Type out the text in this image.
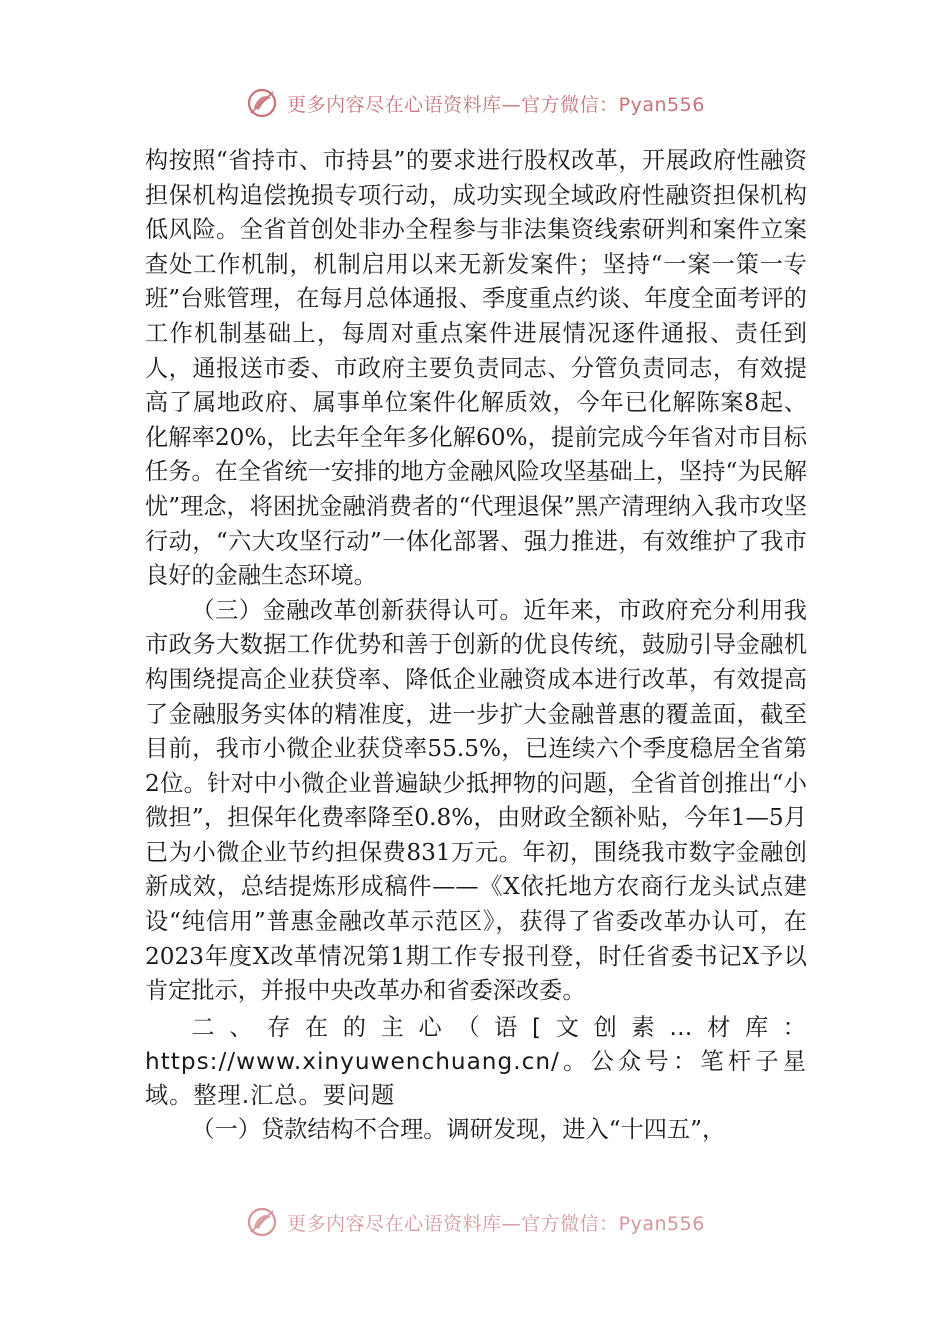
更多内容尽在心语资料库—官方微信：Pyan556

构按照“省持市、市持县”的要求进行股权改革，开展政府性融资担保机构追偿挽损专项行动，成功实现全域政府性融资担保机构低风险。全省首创处非办全程参与非法集资线索研判和案件立案查处工作机制，机制启用以来无新发案件；坚持“一案一策一专班”台账管理，在每月总体通报、季度重点约谈、年度全面考评的工作机制基础上，每周对重点案件进展情况逐件通报、责任到人，通报送市委、市政府主要负责同志、分管负责同志，有效提高了属地政府、属事单位案件化解质效，今年已化解陈案8起、化解率20%，比去年全年多化解60%，提前完成今年省对市目标任务。在全省统一安排的地方金融风险攻坚基础上，坚持“为民解忧”理念，将困扰金融消费者的“代理退保”黑产清理纳入我市攻坚行动，“六大攻坚行动”一体化部署、强力推进，有效维护了我市良好的金融生态环境。

（三）金融改革创新获得认可。近年来，市政府充分利用我市政务大数据工作优势和善于创新的优良传统，鼓励引导金融机构围绕提高企业获贷率、降低企业融资成本进行改革，有效提高了金融服务实体的精准度，进一步扩大金融普惠的覆盖面，截至目前，我市小微企业获贷率55.5%，已连续六个季度稳居全省第2位。针对中小微企业普遍缺少抵押物的问题，全省首创推出“小微担”，担保年化费率降至0.8%，由财政全额补贴，今年1—5月已为小微企业节约担保费831万元。年初，围绕我市数字金融创新成效，总结提炼形成稿件——《X依托地方农商行龙头试点建设“纯信用”普惠金融改革示范区》，获得了省委改革办认可，在2023年度X改革情况第1期工作专报刊登，时任省委书记X予以肯定批示，并报中央改革办和省委深改委。

二、存在的主心（语[文创素…材库：https://www.xinyuwenchuang.cn/。公众号：笔杆子星域。整理.汇总。要问题

（一）贷款结构不合理。调研发现，进入“十四五”，

更多内容尽在心语资料库—官方微信：Pyan556
